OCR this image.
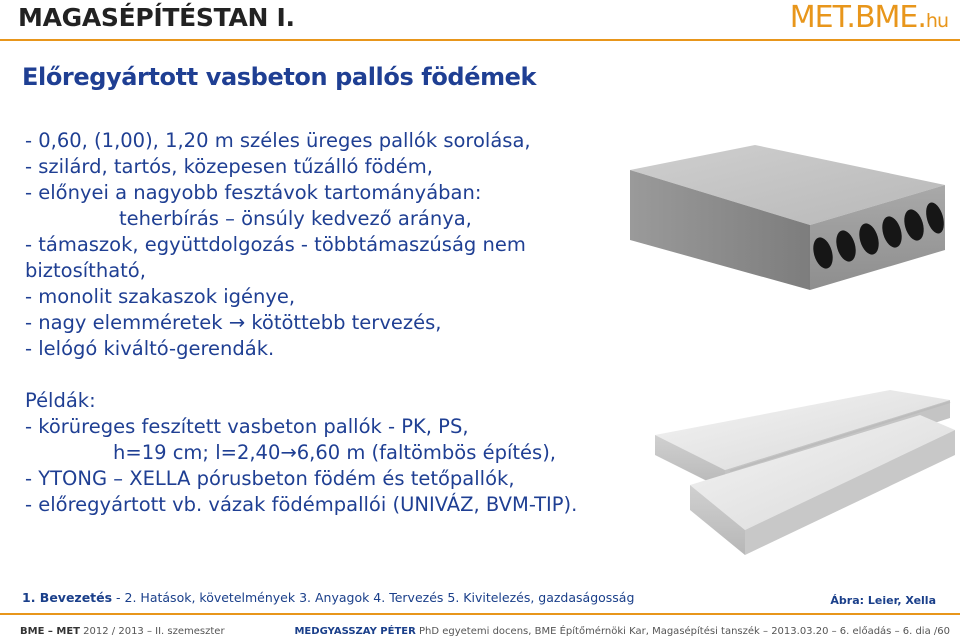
MAGASÉPÍTÉSTAN I.	MET.BME.hu
Előregyártott vasbeton pallós födémek
- 0,60, (1,00), 1,20 m széles üreges pallók sorolása,
- szilárd, tartós, közepesen tűzálló födém,
- előnyei a nagyobb fesztávok tartományában:
teherbírás – önsúly kedvező aránya,
- támaszok, együttdolgozás - többtámaszúság nem
biztosítható,
- monolit szakaszok igénye,
- nagy elemméretek → kötöttebb tervezés,
- lelógó kiváltó-gerendák.
Példák:
- körüreges feszített vasbeton pallók - PK, PS,
h=19 cm; l=2,40→6,60 m (faltömbös építés),
- YTONG – XELLA pórusbeton födém és tetőpallók,
- előregyártott vb. vázak födémpallói (UNIVÁZ, BVM-TIP).
1. Bevezetés - 2. Hatások, követelmények 3. Anyagok 4. Tervezés 5. Kivitelezés, gazdaságosság	Ábra: Leier, Xella
BME – MET 2012 / 2013 – II. szemeszter	MEDGYASSZAY PÉTER PhD egyetemi docens, BME Építőmérnöki Kar, Magasépítési tanszék – 2013.03.20 – 6. előadás – 6. dia /60
